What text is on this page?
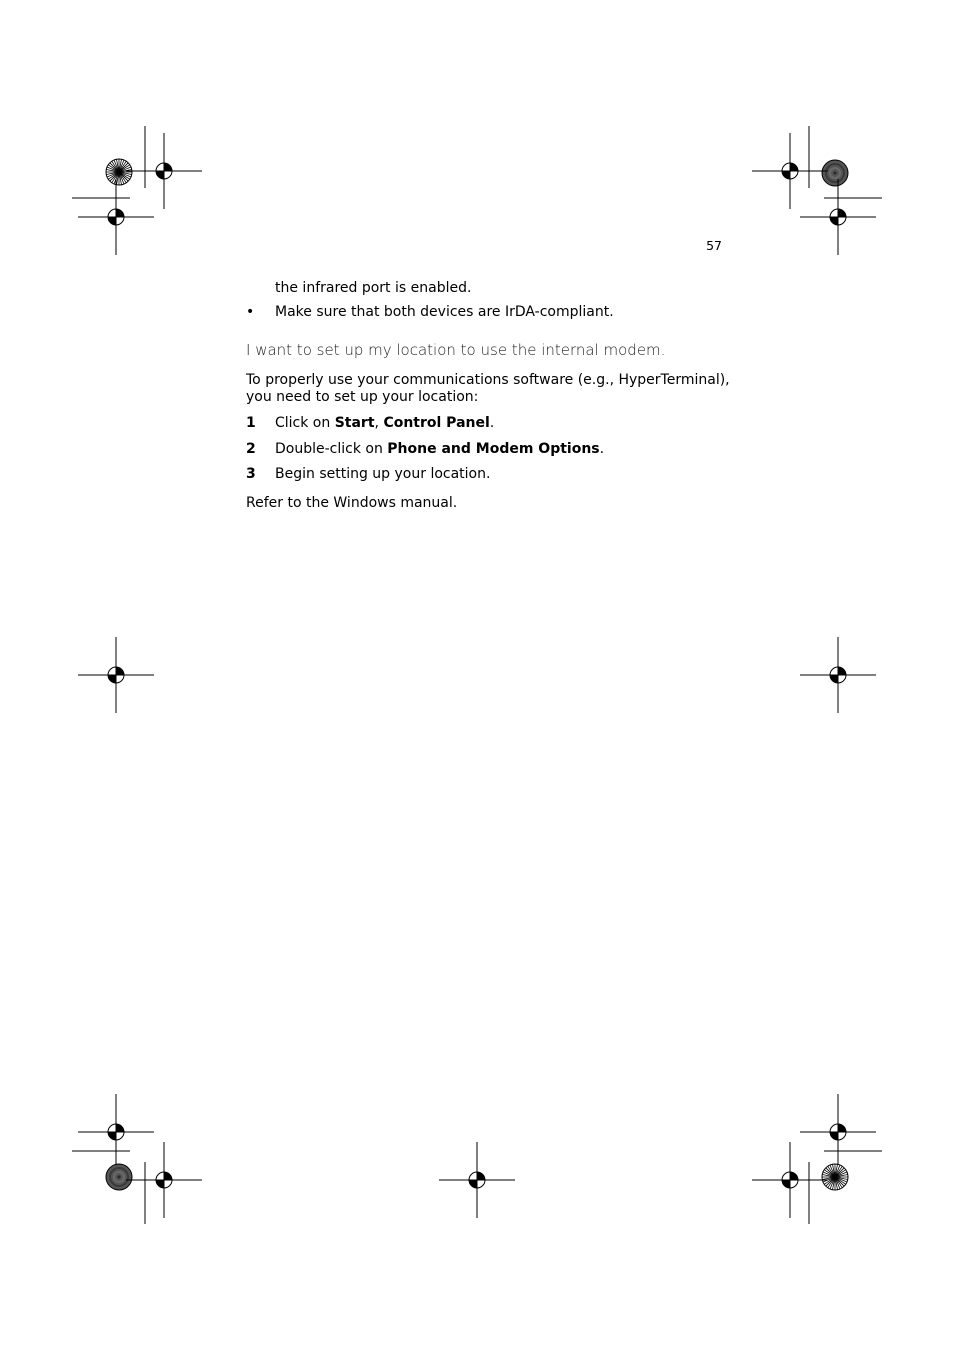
57
the infrared port is enabled.
• Make sure that both devices are IrDA-compliant.
I want to set up my location to use the internal modem.
To properly use your communications software (e.g., HyperTerminal),
you need to set up your location:
1 Click on Start, Control Panel.
2 Double-click on Phone and Modem Options.
3 Begin setting up your location.
Refer to the Windows manual.
